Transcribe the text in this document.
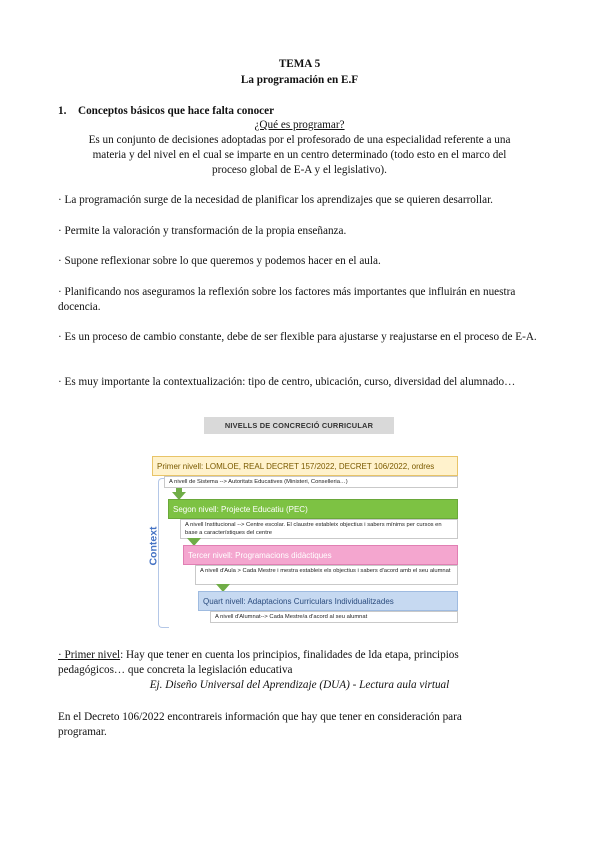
TEMA 5
La programación en E.F
1. Conceptos básicos que hace falta conocer
¿Qué es programar?
Es un conjunto de decisiones adoptadas por el profesorado de una especialidad referente a una
materia y del nivel en el cual se imparte en un centro determinado (todo esto en el marco del
proceso global de E-A y el legislativo).
· La programación surge de la necesidad de planificar los aprendizajes que se quieren desarrollar.
· Permite la valoración y transformación de la propia enseñanza.
· Supone reflexionar sobre lo que queremos y podemos hacer en el aula.
· Planificando nos aseguramos la reflexión sobre los factores más importantes que influirán en nuestra docencia.
· Es un proceso de cambio constante, debe de ser flexible para ajustarse y reajustarse en el proceso de E-A.
· Es muy importante la contextualización: tipo de centro, ubicación, curso, diversidad del alumnado…
NIVELLS DE CONCRECIÓ CURRICULAR
Context
Primer nivell: LOMLOE, REAL DECRET 157/2022, DECRET 106/2022, ordres
A nivell de Sistema --> Autoritats Educatives (Ministeri, Conselleria…)
Segon nivell: Projecte Educatiu (PEC)
A nivell Institucional --> Centre escolar. El claustre estableix objectius i sabers mínims per cursos en base a característiques del centre
Tercer nivell: Programacions didàctiques
A nivell d'Aula > Cada Mestre i mestra estableix els objectius i sabers d'acord amb el seu alumnat
Quart nivell: Adaptacions Curriculars Individualitzades
A nivell d'Alumnat--> Cada Mestre/a d'acord al seu alumnat
· Primer nivel: Hay que tener en cuenta los principios, finalidades de lda etapa, principios
pedagógicos… que concreta la legislación educativa
Ej. Diseño Universal del Aprendizaje (DUA) - Lectura aula virtual
En el Decreto 106/2022 encontrareis información que hay que tener en consideración para
programar.
